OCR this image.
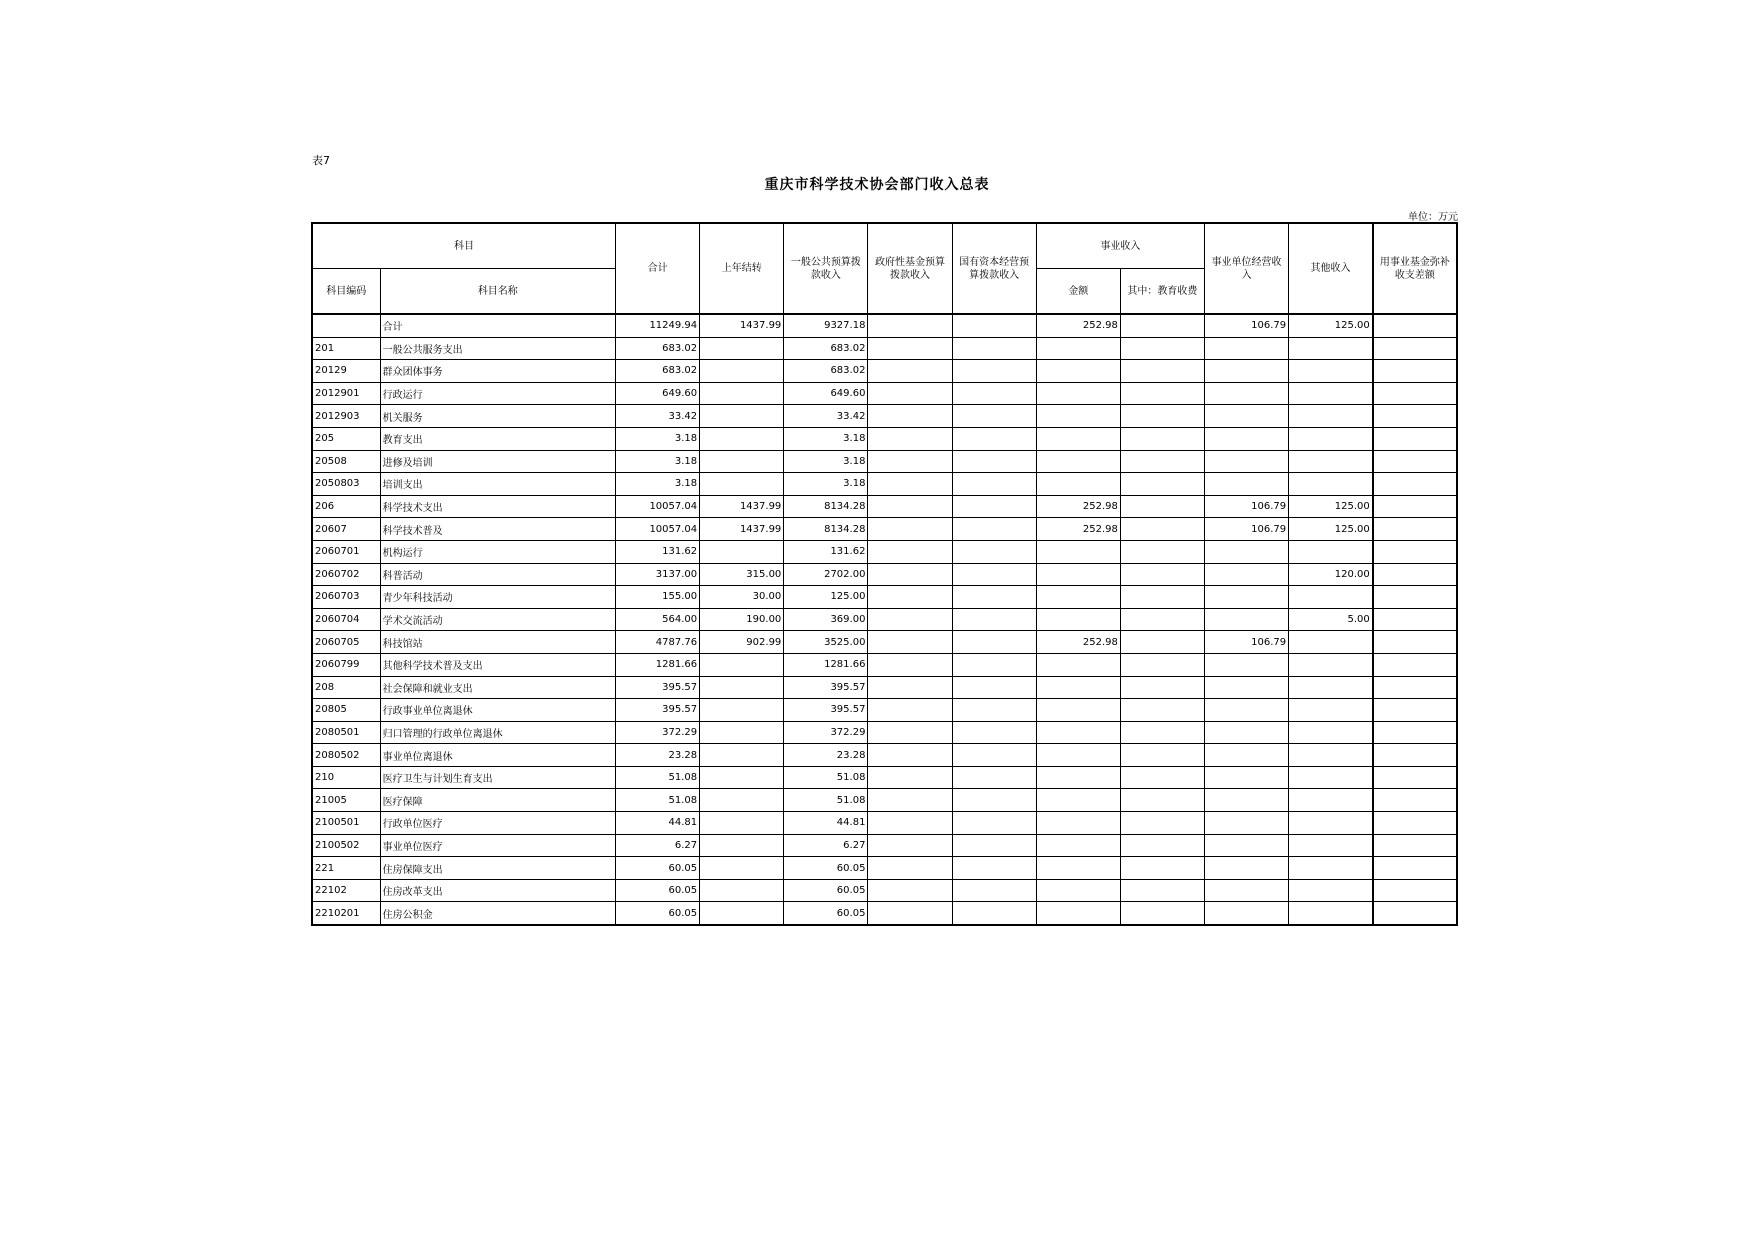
表7
重庆市科学技术协会部门收入总表
单位：万元
科目		合计	上年结转	一般公共预算拨款收入	政府性基金预算拨款收入	国有资本经营预算拨款收入	事业收入		事业单位经营收入	其他收入	用事业基金弥补收支差额
科目编码	科目名称						金额	其中：教育收费			
	合计	11249.94	1437.99	9327.18			252.98		106.79	125.00	
201	一般公共服务支出	683.02		683.02							
20129	群众团体事务	683.02		683.02							
2012901	行政运行	649.60		649.60							
2012903	机关服务	33.42		33.42							
205	教育支出	3.18		3.18							
20508	进修及培训	3.18		3.18							
2050803	培训支出	3.18		3.18							
206	科学技术支出	10057.04	1437.99	8134.28			252.98		106.79	125.00	
20607	科学技术普及	10057.04	1437.99	8134.28			252.98		106.79	125.00	
2060701	机构运行	131.62		131.62							
2060702	科普活动	3137.00	315.00	2702.00						120.00	
2060703	青少年科技活动	155.00	30.00	125.00							
2060704	学术交流活动	564.00	190.00	369.00						5.00	
2060705	科技馆站	4787.76	902.99	3525.00			252.98		106.79		
2060799	其他科学技术普及支出	1281.66		1281.66							
208	社会保障和就业支出	395.57		395.57							
20805	行政事业单位离退休	395.57		395.57							
2080501	归口管理的行政单位离退休	372.29		372.29							
2080502	事业单位离退休	23.28		23.28							
210	医疗卫生与计划生育支出	51.08		51.08							
21005	医疗保障	51.08		51.08							
2100501	行政单位医疗	44.81		44.81							
2100502	事业单位医疗	6.27		6.27							
221	住房保障支出	60.05		60.05							
22102	住房改革支出	60.05		60.05							
2210201	住房公积金	60.05		60.05							
